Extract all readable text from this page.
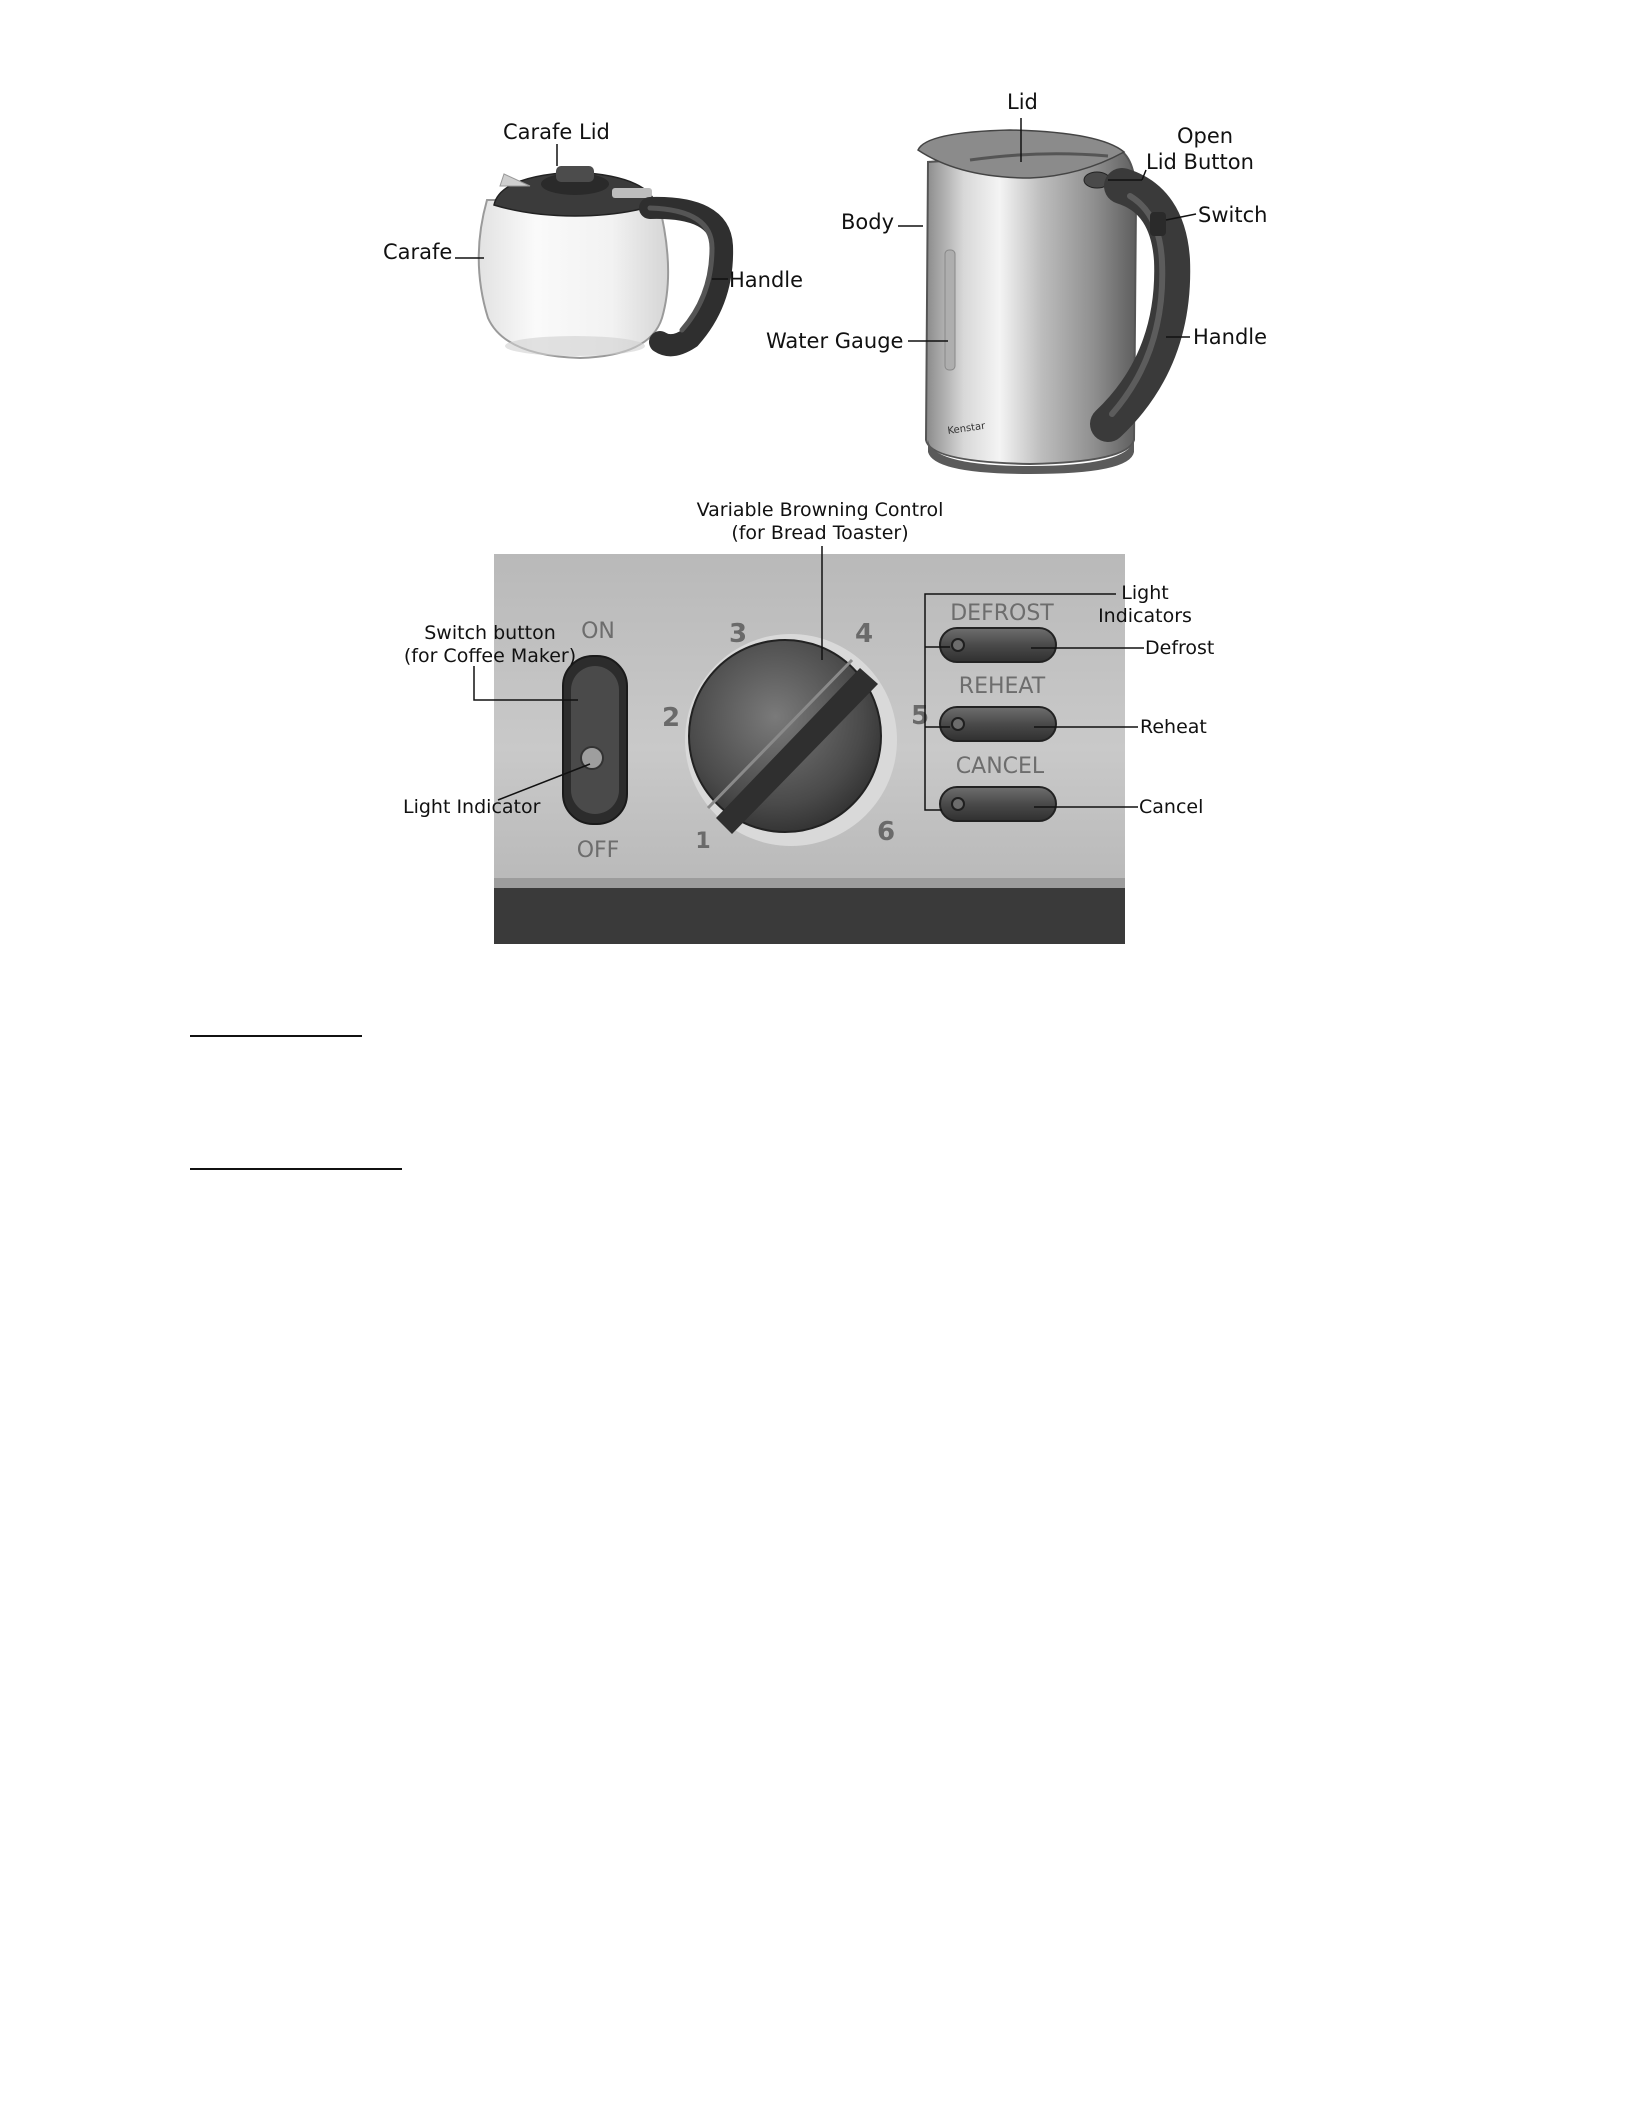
Kenstar
ON
OFF
DEFROST
REHEAT
CANCEL
1
2
3	4
5
6
Carafe Lid
Carafe
Handle
Lid
Open
Lid Button
Body	Switch
Water Gauge	Handle
Variable Browning Control
(for Bread Toaster)
Switch button
(for Coffee Maker)
Light Indicator
Light
Indicators
Defrost
Reheat
Cancel
